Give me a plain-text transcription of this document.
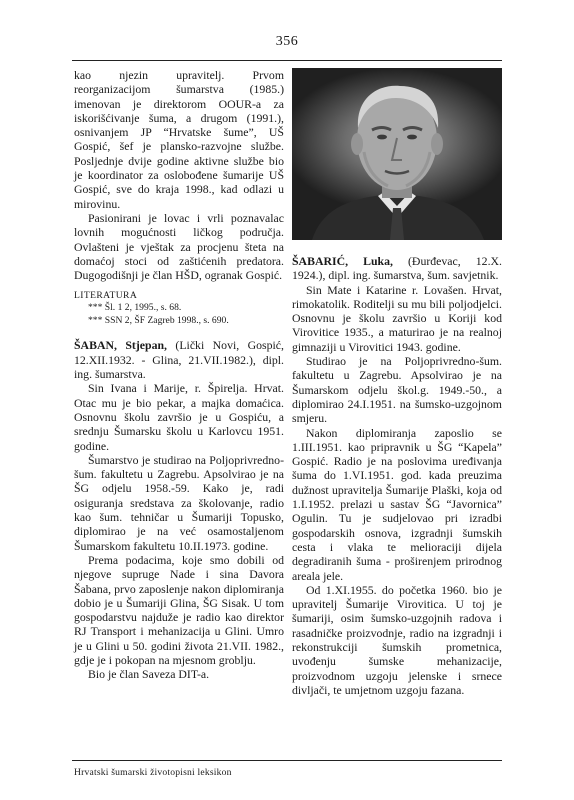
356

kao njezin upravitelj. Prvom reorganizacijom šumarstva (1985.) imenovan je direktorom OOUR-a za iskorišćivanje šuma, a drugom (1991.), osnivanjem JP “Hrvatske šume”, UŠ Gospić, šef je plansko-razvojne službe. Posljednje dvije godine aktivne službe bio je koordinator za oslobođene šumarije UŠ Gospić, sve do kraja 1998., kad odlazi u mirovinu.

Pasionirani je lovac i vrli poznavalac lovnih mogućnosti ličkog područja. Ovlašteni je vještak za procjenu šteta na domaćoj stoci od zaštićenih predatora. Dugogodišnji je član HŠD, ogranak Gospić.

LITERATURA
*** Šl. 1 2, 1995., s. 68.
*** SSN 2, ŠF Zagreb 1998., s. 690.

ŠABAN, Stjepan, (Lički Novi, Gospić, 12.XII.1932. - Glina, 21.VII.1982.), dipl. ing. šumarstva.

Sin Ivana i Marije, r. Špirelja. Hrvat. Otac mu je bio pekar, a majka domaćica. Osnovnu školu završio je u Gospiću, a srednju Šumarsku školu u Karlovcu 1951. godine.

Šumarstvo je studirao na Poljoprivredno-šum. fakultetu u Zagrebu. Apsolvirao je na ŠG odjelu 1958.-59. Kako je, radi osiguranja sredstava za školovanje, radio kao šum. tehničar u Šumariji Topusko, diplomirao je na već osamostaljenom Šumarskom fakultetu 10.II.1973. godine.

Prema podacima, koje smo dobili od njegove supruge Nade i sina Davora Šabana, prvo zaposlenje nakon diplomiranja dobio je u Šumariji Glina, ŠG Sisak. U tom gospodarstvu najduže je radio kao direktor RJ Transport i mehanizacija u Glini. Umro je u Glini u 50. godini života 21.VII. 1982., gdje je i pokopan na mjesnom groblju.

Bio je član Saveza DIT-a.

ŠABARIĆ, Luka, (Đurđevac, 12.X. 1924.), dipl. ing. šumarstva, šum. savjetnik.

Sin Mate i Katarine r. Lovašen. Hrvat, rimokatolik. Roditelji su mu bili poljodjelci. Osnovnu je školu završio u Koriji kod Virovitice 1935., a maturirao je na realnoj gimnaziji u Virovitici 1943. godine.

Studirao je na Poljoprivredno-šum. fakultetu u Zagrebu. Apsolvirao je na Šumarskom odjelu škol.g. 1949.-50., a diplomirao 24.I.1951. na šumsko-uzgojnom smjeru.

Nakon diplomiranja zaposlio se 1.III.1951. kao pripravnik u ŠG “Kapela” Gospić. Radio je na poslovima uređivanja šuma do 1.VI.1951. god. kada preuzima dužnost upravitelja Šumarije Plaški, koja od 1.I.1952. prelazi u sastav ŠG “Javornica” Ogulin. Tu je sudjelovao pri izradbi gospodarskih osnova, izgradnji šumskih cesta i vlaka te melioraciji dijela degradiranih šuma - proširenjem prirodnog areala jele.

Od 1.XI.1955. do početka 1960. bio je upravitelj Šumarije Virovitica. U toj je šumariji, osim šumsko-uzgojnih radova i rasadničke proizvodnje, radio na izgradnji i rekonstrukciji šumskih prometnica, uvođenju šumske mehanizacije, proizvodnom uzgoju jelenske i srnece divljači, te umjetnom uzgoju fazana.

Hrvatski šumarski životopisni leksikon
